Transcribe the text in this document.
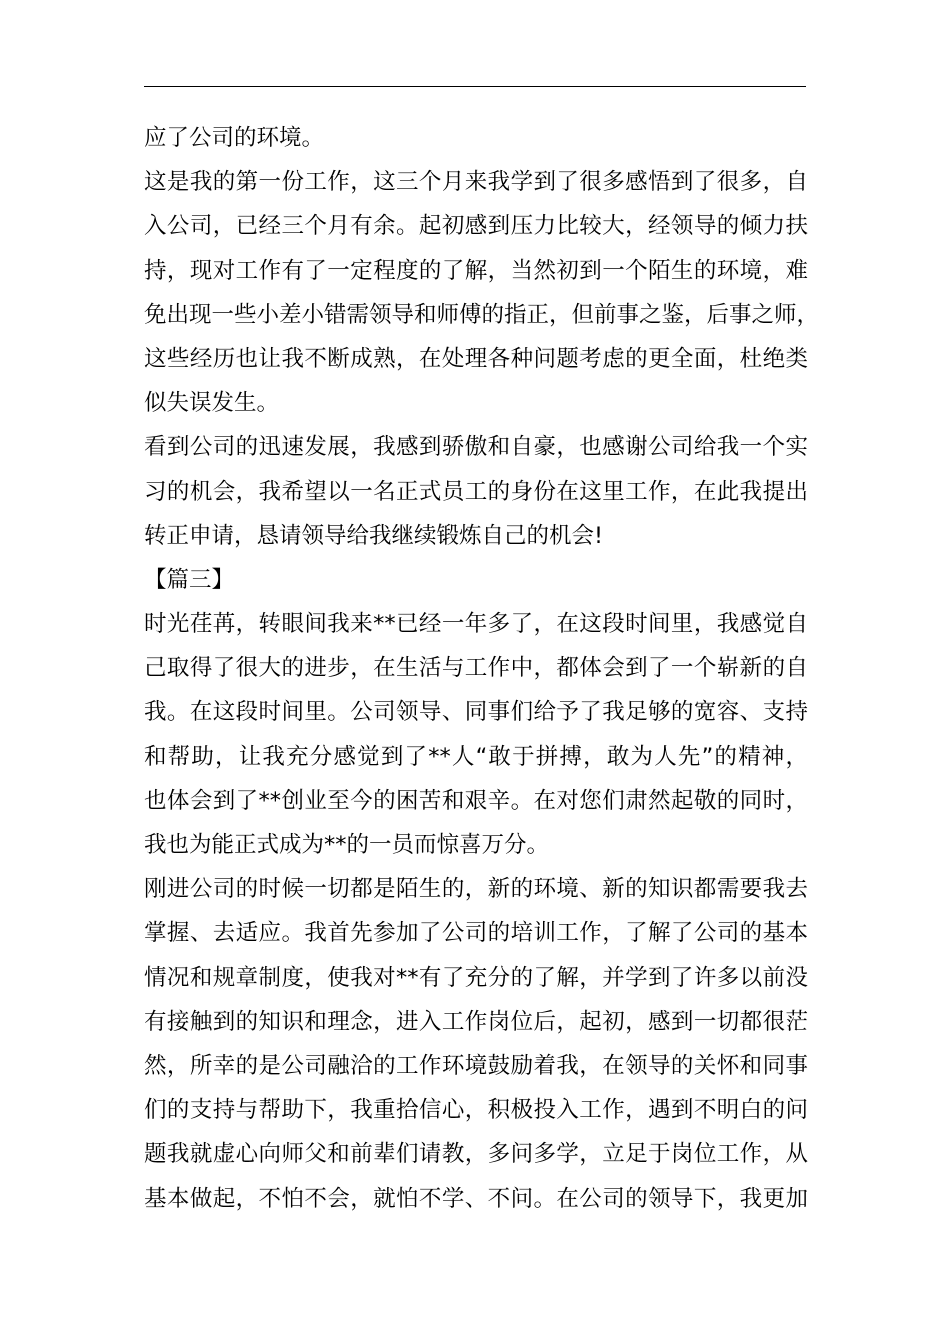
应了公司的环境。
这是我的第一份工作，这三个月来我学到了很多感悟到了很多，自
入公司，已经三个月有余。起初感到压力比较大，经领导的倾力扶
持，现对工作有了一定程度的了解，当然初到一个陌生的环境，难
免出现一些小差小错需领导和师傅的指正，但前事之鉴，后事之师，
这些经历也让我不断成熟，在处理各种问题考虑的更全面，杜绝类
似失误发生。
看到公司的迅速发展，我感到骄傲和自豪，也感谢公司给我一个实
习的机会，我希望以一名正式员工的身份在这里工作，在此我提出
转正申请，恳请领导给我继续锻炼自己的机会!
【篇三】
时光荏苒，转眼间我来**已经一年多了，在这段时间里，我感觉自
己取得了很大的进步，在生活与工作中，都体会到了一个崭新的自
我。在这段时间里。公司领导、同事们给予了我足够的宽容、支持
和帮助，让我充分感觉到了**人“敢于拼搏，敢为人先”的精神，
也体会到了**创业至今的困苦和艰辛。在对您们肃然起敬的同时，
我也为能正式成为**的一员而惊喜万分。
刚进公司的时候一切都是陌生的，新的环境、新的知识都需要我去
掌握、去适应。我首先参加了公司的培训工作，了解了公司的基本
情况和规章制度，使我对**有了充分的了解，并学到了许多以前没
有接触到的知识和理念，进入工作岗位后，起初，感到一切都很茫
然，所幸的是公司融洽的工作环境鼓励着我，在领导的关怀和同事
们的支持与帮助下，我重拾信心，积极投入工作，遇到不明白的问
题我就虚心向师父和前辈们请教，多问多学，立足于岗位工作，从
基本做起，不怕不会，就怕不学、不问。在公司的领导下，我更加
